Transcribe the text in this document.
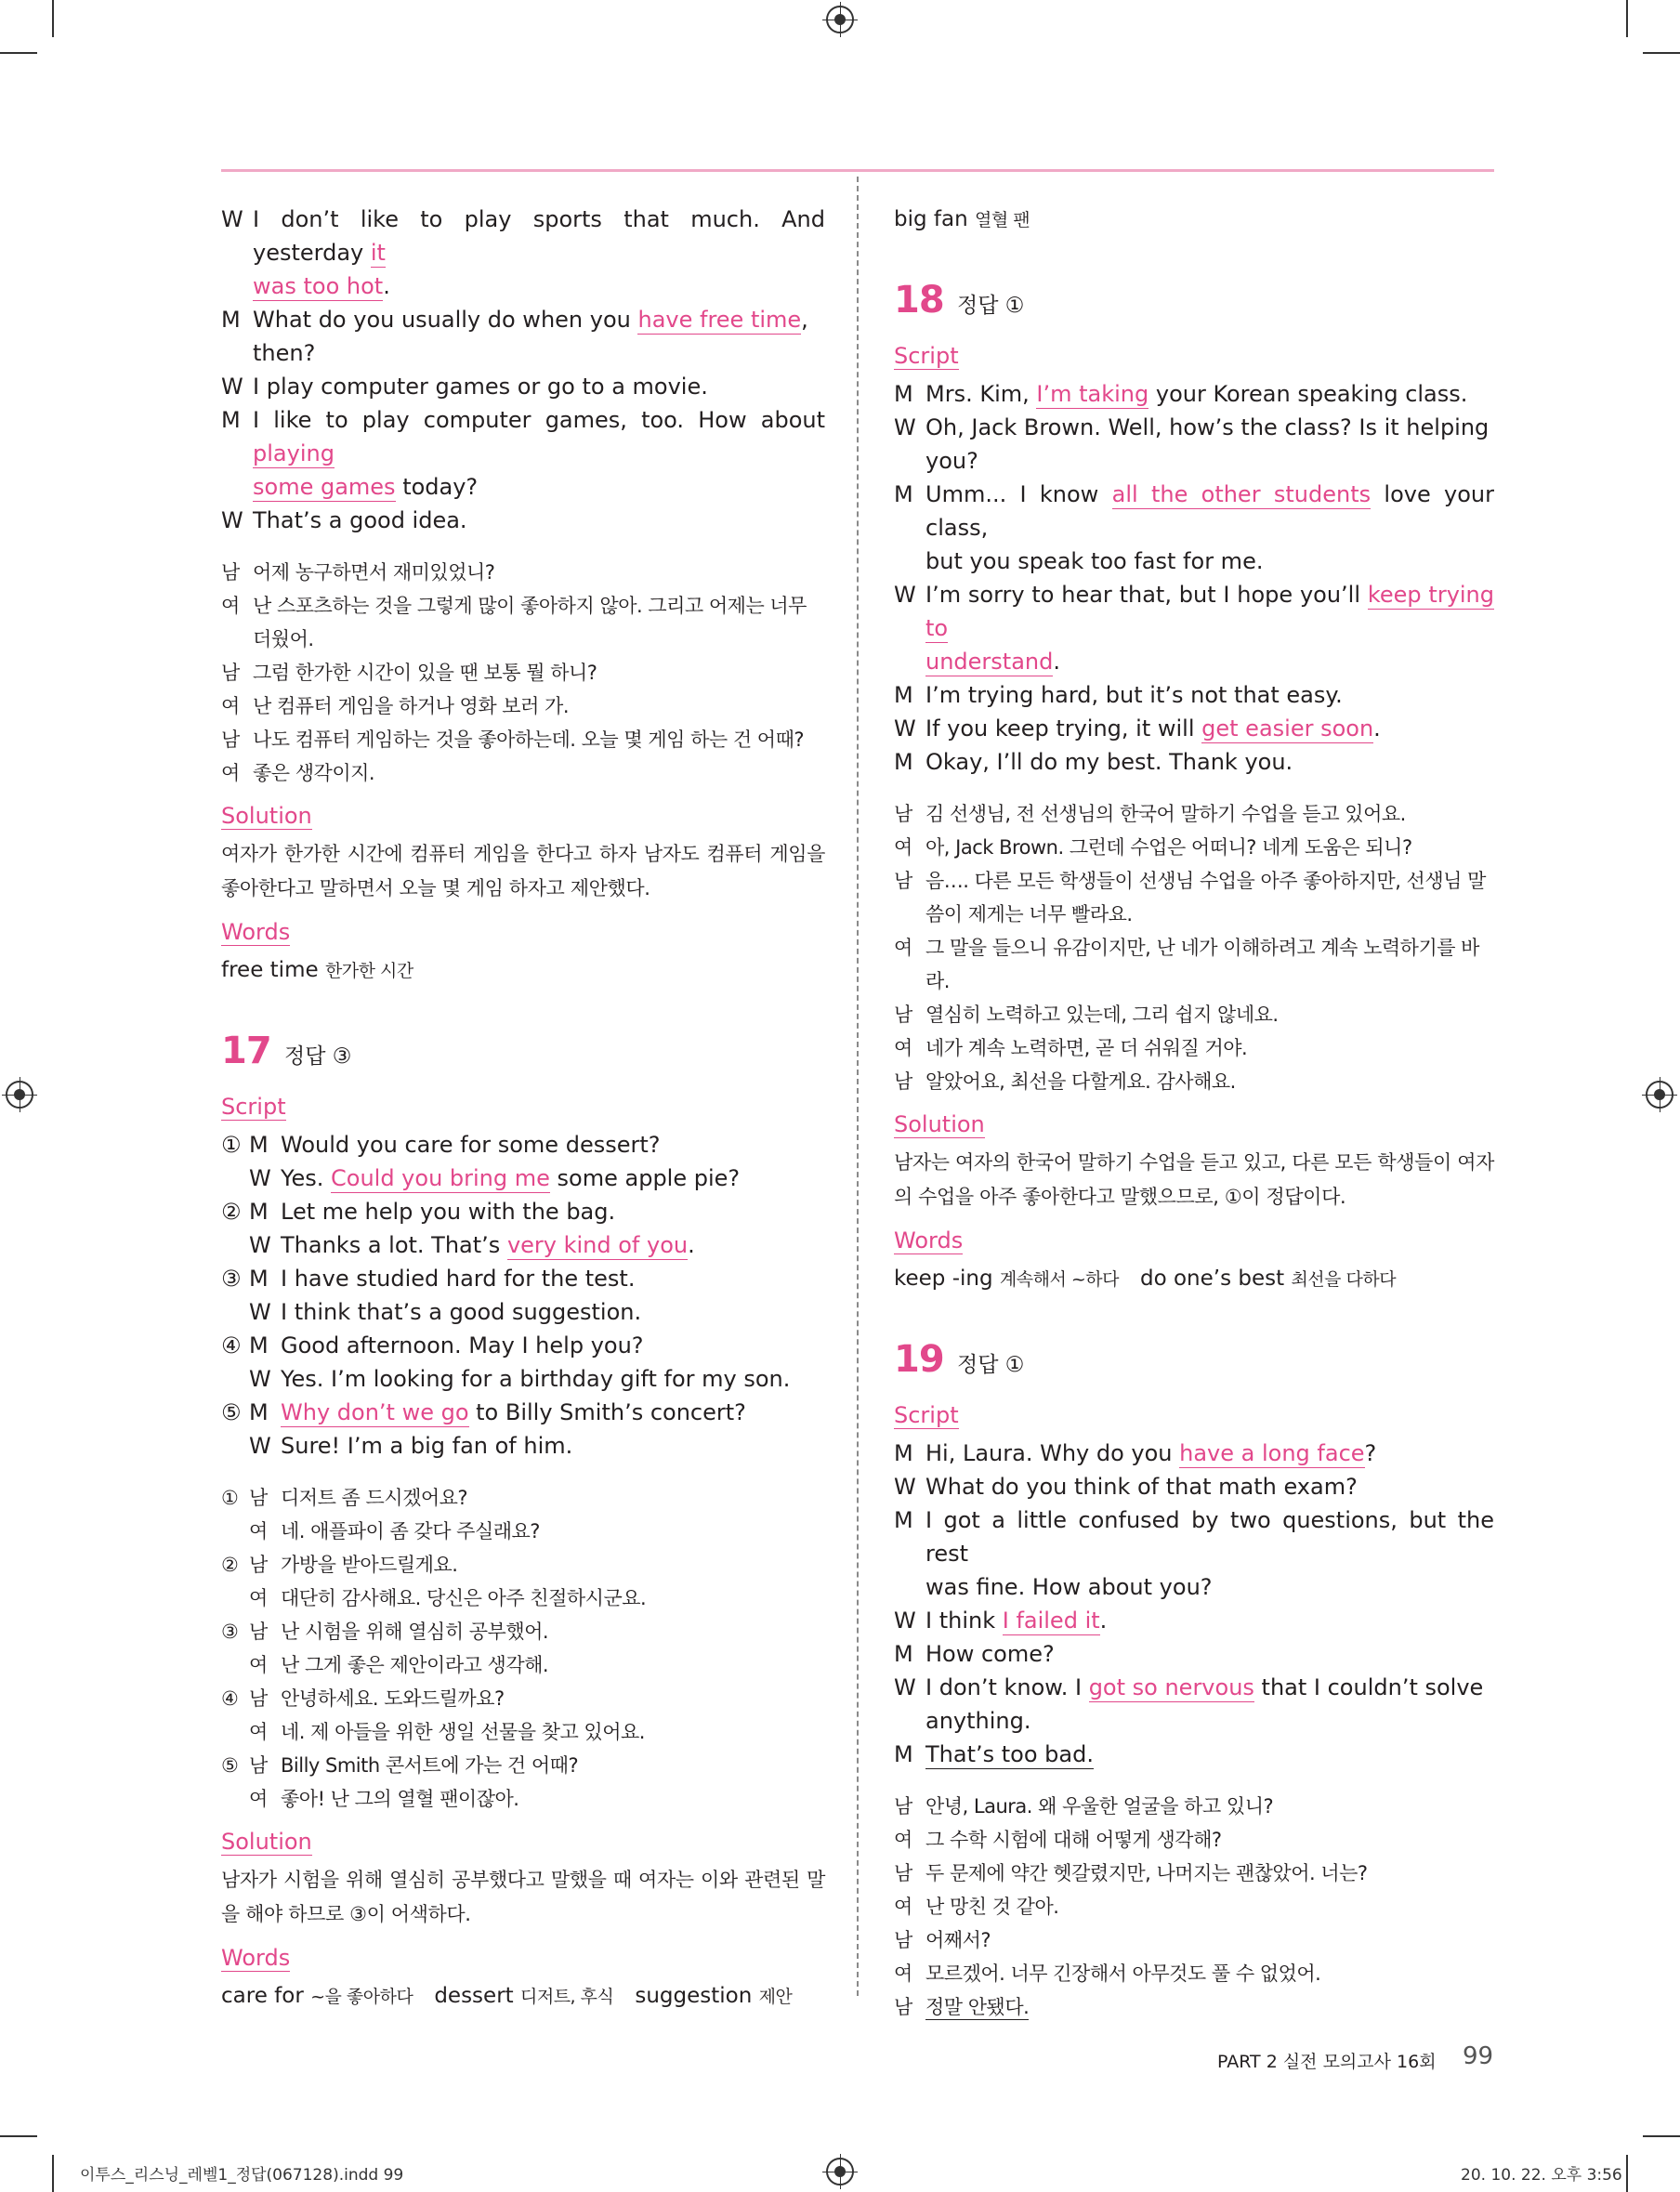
W I don’t like to play sports that much. And yesterday it
was too hot.
M What do you usually do when you have free time,
then?
W I play computer games or go to a movie.
M I like to play computer games, too. How about playing
some games today?
W That’s a good idea.
남 어제 농구하면서 재미있었니?
여 난 스포츠하는 것을 그렇게 많이 좋아하지 않아. 그리고 어제는 너무
더웠어.
남 그럼 한가한 시간이 있을 땐 보통 뭘 하니?
여 난 컴퓨터 게임을 하거나 영화 보러 가.
남 나도 컴퓨터 게임하는 것을 좋아하는데. 오늘 몇 게임 하는 건 어때?
여 좋은 생각이지.
Solution
여자가 한가한 시간에 컴퓨터 게임을 한다고 하자 남자도 컴퓨터 게임을 좋아한다고 말하면서 오늘 몇 게임 하자고 제안했다.
Words
free time 한가한 시간
17 정답 ③
Script
① M Would you care for some dessert?
W Yes. Could you bring me some apple pie?
② M Let me help you with the bag.
W Thanks a lot. That’s very kind of you.
③ M I have studied hard for the test.
W I think that’s a good suggestion.
④ M Good afternoon. May I help you?
W Yes. I’m looking for a birthday gift for my son.
⑤ M Why don’t we go to Billy Smith’s concert?
W Sure! I’m a big fan of him.
① 남 디저트 좀 드시겠어요?
여 네. 애플파이 좀 갖다 주실래요?
② 남 가방을 받아드릴게요.
여 대단히 감사해요. 당신은 아주 친절하시군요.
③ 남 난 시험을 위해 열심히 공부했어.
여 난 그게 좋은 제안이라고 생각해.
④ 남 안녕하세요. 도와드릴까요?
여 네. 제 아들을 위한 생일 선물을 찾고 있어요.
⑤ 남 Billy Smith 콘서트에 가는 건 어때?
여 좋아! 난 그의 열혈 팬이잖아.
Solution
남자가 시험을 위해 열심히 공부했다고 말했을 때 여자는 이와 관련된 말을 해야 하므로 ③이 어색하다.
Words
care for ~을 좋아하다  dessert 디저트, 후식  suggestion 제안
big fan 열혈 팬
18 정답 ①
Script
M Mrs. Kim, I’m taking your Korean speaking class.
W Oh, Jack Brown. Well, how’s the class? Is it helping
you?
M Umm... I know all the other students love your class,
but you speak too fast for me.
W I’m sorry to hear that, but I hope you’ll keep trying to
understand.
M I’m trying hard, but it’s not that easy.
W If you keep trying, it will get easier soon.
M Okay, I’ll do my best. Thank you.
남 김 선생님, 전 선생님의 한국어 말하기 수업을 듣고 있어요.
여 아, Jack Brown. 그런데 수업은 어떠니? 네게 도움은 되니?
남 음…. 다른 모든 학생들이 선생님 수업을 아주 좋아하지만, 선생님 말
씀이 제게는 너무 빨라요.
여 그 말을 들으니 유감이지만, 난 네가 이해하려고 계속 노력하기를 바
라.
남 열심히 노력하고 있는데, 그리 쉽지 않네요.
여 네가 계속 노력하면, 곧 더 쉬워질 거야.
남 알았어요, 최선을 다할게요. 감사해요.
Solution
남자는 여자의 한국어 말하기 수업을 듣고 있고, 다른 모든 학생들이 여자의 수업을 아주 좋아한다고 말했으므로, ①이 정답이다.
Words
keep -ing 계속해서 ~하다  do one’s best 최선을 다하다
19 정답 ①
Script
M Hi, Laura. Why do you have a long face?
W What do you think of that math exam?
M I got a little confused by two questions, but the rest
was fine. How about you?
W I think I failed it.
M How come?
W I don’t know. I got so nervous that I couldn’t solve
anything.
M That’s too bad.
남 안녕, Laura. 왜 우울한 얼굴을 하고 있니?
여 그 수학 시험에 대해 어떻게 생각해?
남 두 문제에 약간 헷갈렸지만, 나머지는 괜찮았어. 너는?
여 난 망친 것 같아.
남 어째서?
여 모르겠어. 너무 긴장해서 아무것도 풀 수 없었어.
남 정말 안됐다.
PART 2 실전 모의고사 16회 99
이투스_리스닝_레벨1_정답(067128).indd 99	20. 10. 22. 오후 3:56
